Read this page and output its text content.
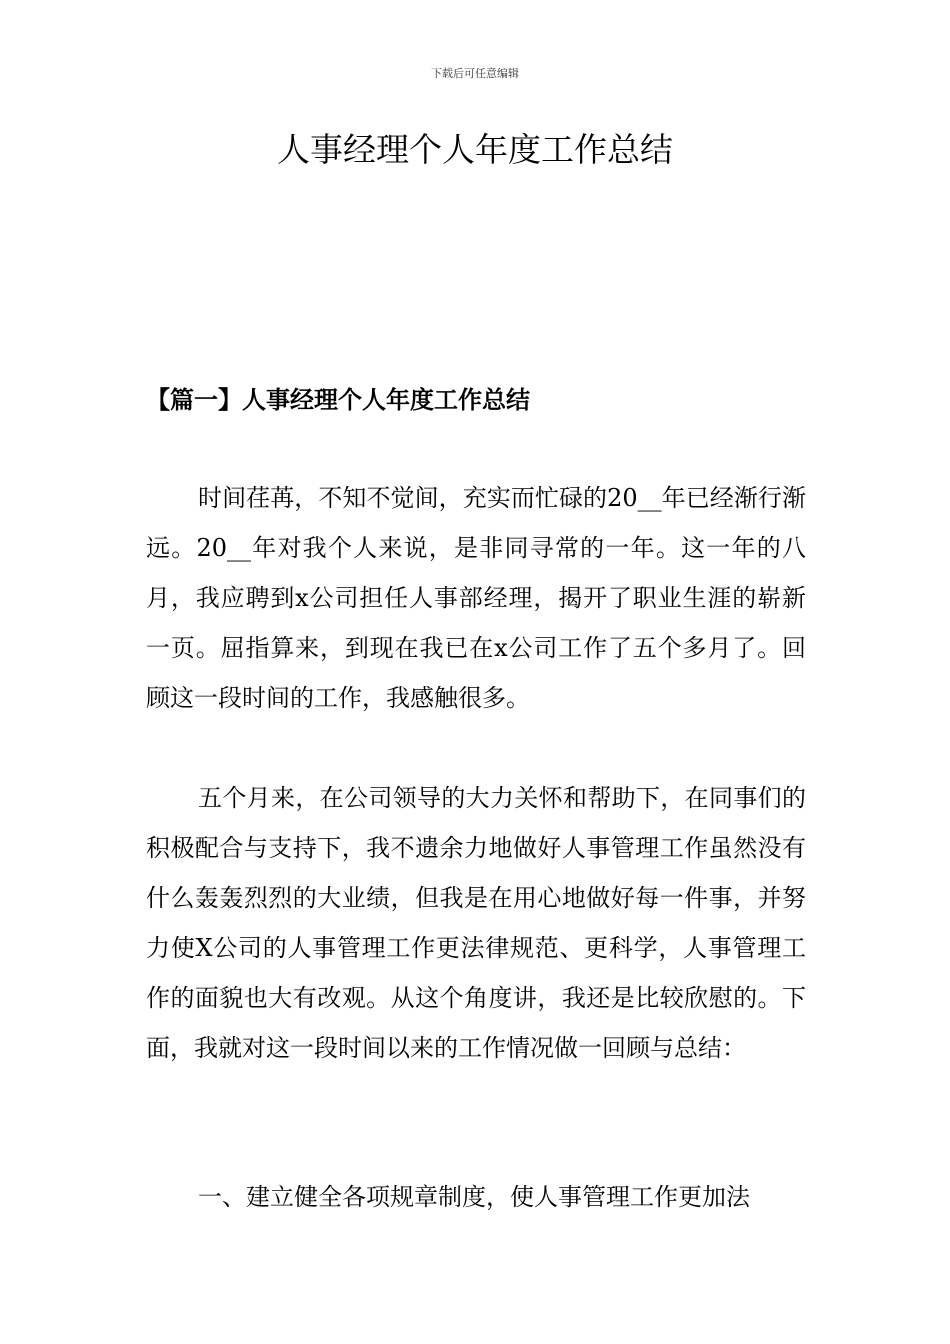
下载后可任意编辑
人事经理个人年度工作总结
【篇一】人事经理个人年度工作总结

时间荏苒，不知不觉间，充实而忙碌的20__年已经渐行渐远。20__年对我个人来说，是非同寻常的一年。这一年的八月，我应聘到x公司担任人事部经理，揭开了职业生涯的崭新一页。屈指算来，到现在我已在x公司工作了五个多月了。回顾这一段时间的工作，我感触很多。

五个月来，在公司领导的大力关怀和帮助下，在同事们的积极配合与支持下，我不遗余力地做好人事管理工作虽然没有什么轰轰烈烈的大业绩，但我是在用心地做好每一件事，并努力使X公司的人事管理工作更法律规范、更科学，人事管理工作的面貌也大有改观。从这个角度讲，我还是比较欣慰的。下面，我就对这一段时间以来的工作情况做一回顾与总结：

一、建立健全各项规章制度，使人事管理工作更加法
